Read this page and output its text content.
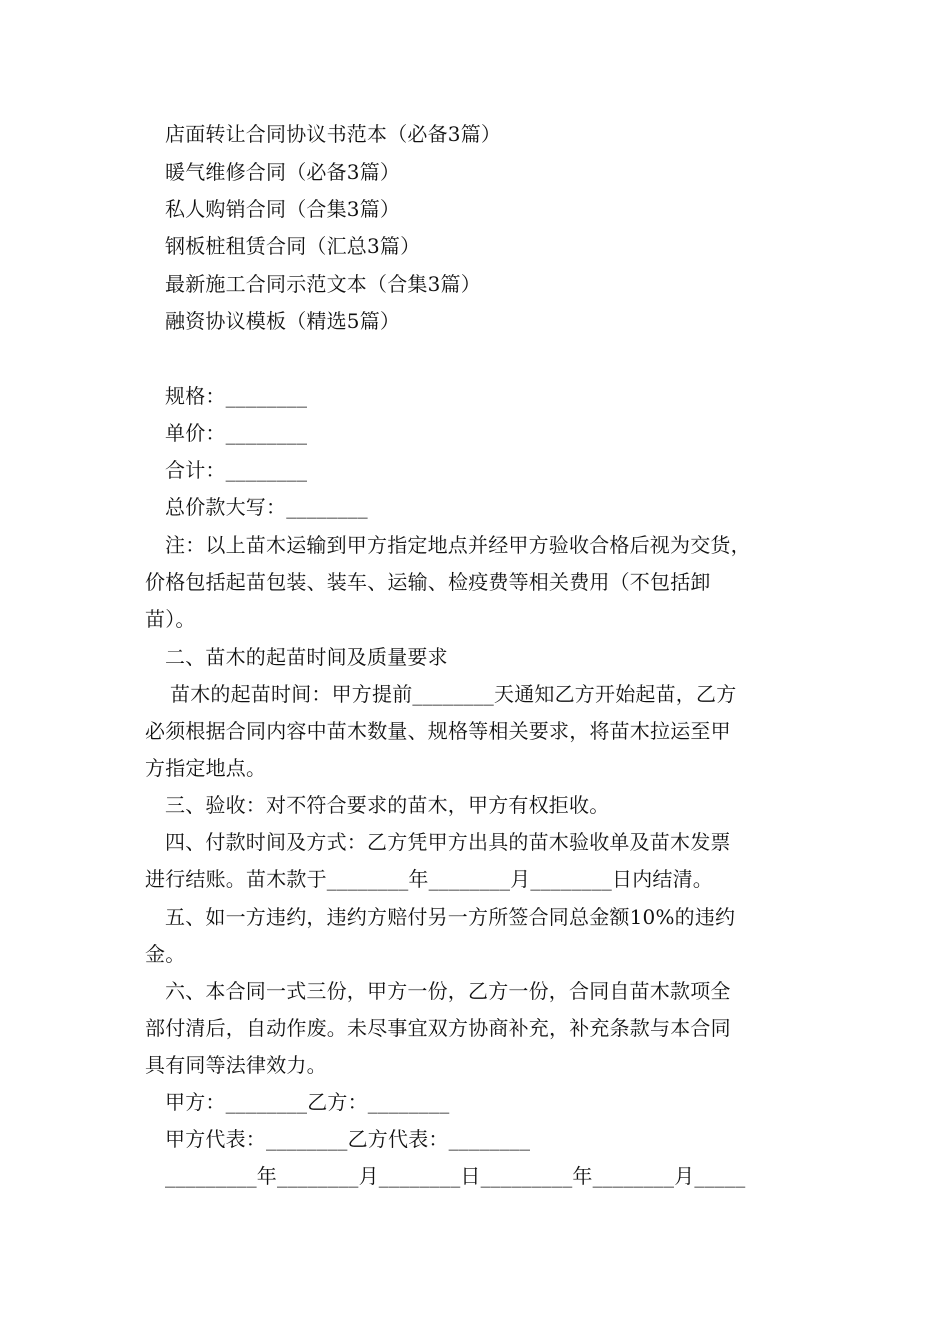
店面转让合同协议书范本（必备3篇）
暖气维修合同（必备3篇）
私人购销合同（合集3篇）
钢板桩租赁合同（汇总3篇）
最新施工合同示范文本（合集3篇）
融资协议模板（精选5篇）
规格：________
单价：________
合计：________
总价款大写：________
注：以上苗木运输到甲方指定地点并经甲方验收合格后视为交货，
价格包括起苗包装、装车、运输、检疫费等相关费用（不包括卸
苗）。
二、苗木的起苗时间及质量要求
苗木的起苗时间：甲方提前________天通知乙方开始起苗，乙方
必须根据合同内容中苗木数量、规格等相关要求，将苗木拉运至甲
方指定地点。
三、验收：对不符合要求的苗木，甲方有权拒收。
四、付款时间及方式：乙方凭甲方出具的苗木验收单及苗木发票
进行结账。苗木款于________年________月________日内结清。
五、如一方违约，违约方赔付另一方所签合同总金额10%的违约
金。
六、本合同一式三份，甲方一份，乙方一份，合同自苗木款项全
部付清后，自动作废。未尽事宜双方协商补充，补充条款与本合同
具有同等法律效力。
甲方：________乙方：________
甲方代表：________乙方代表：________
_________年________月________日_________年________月_____
